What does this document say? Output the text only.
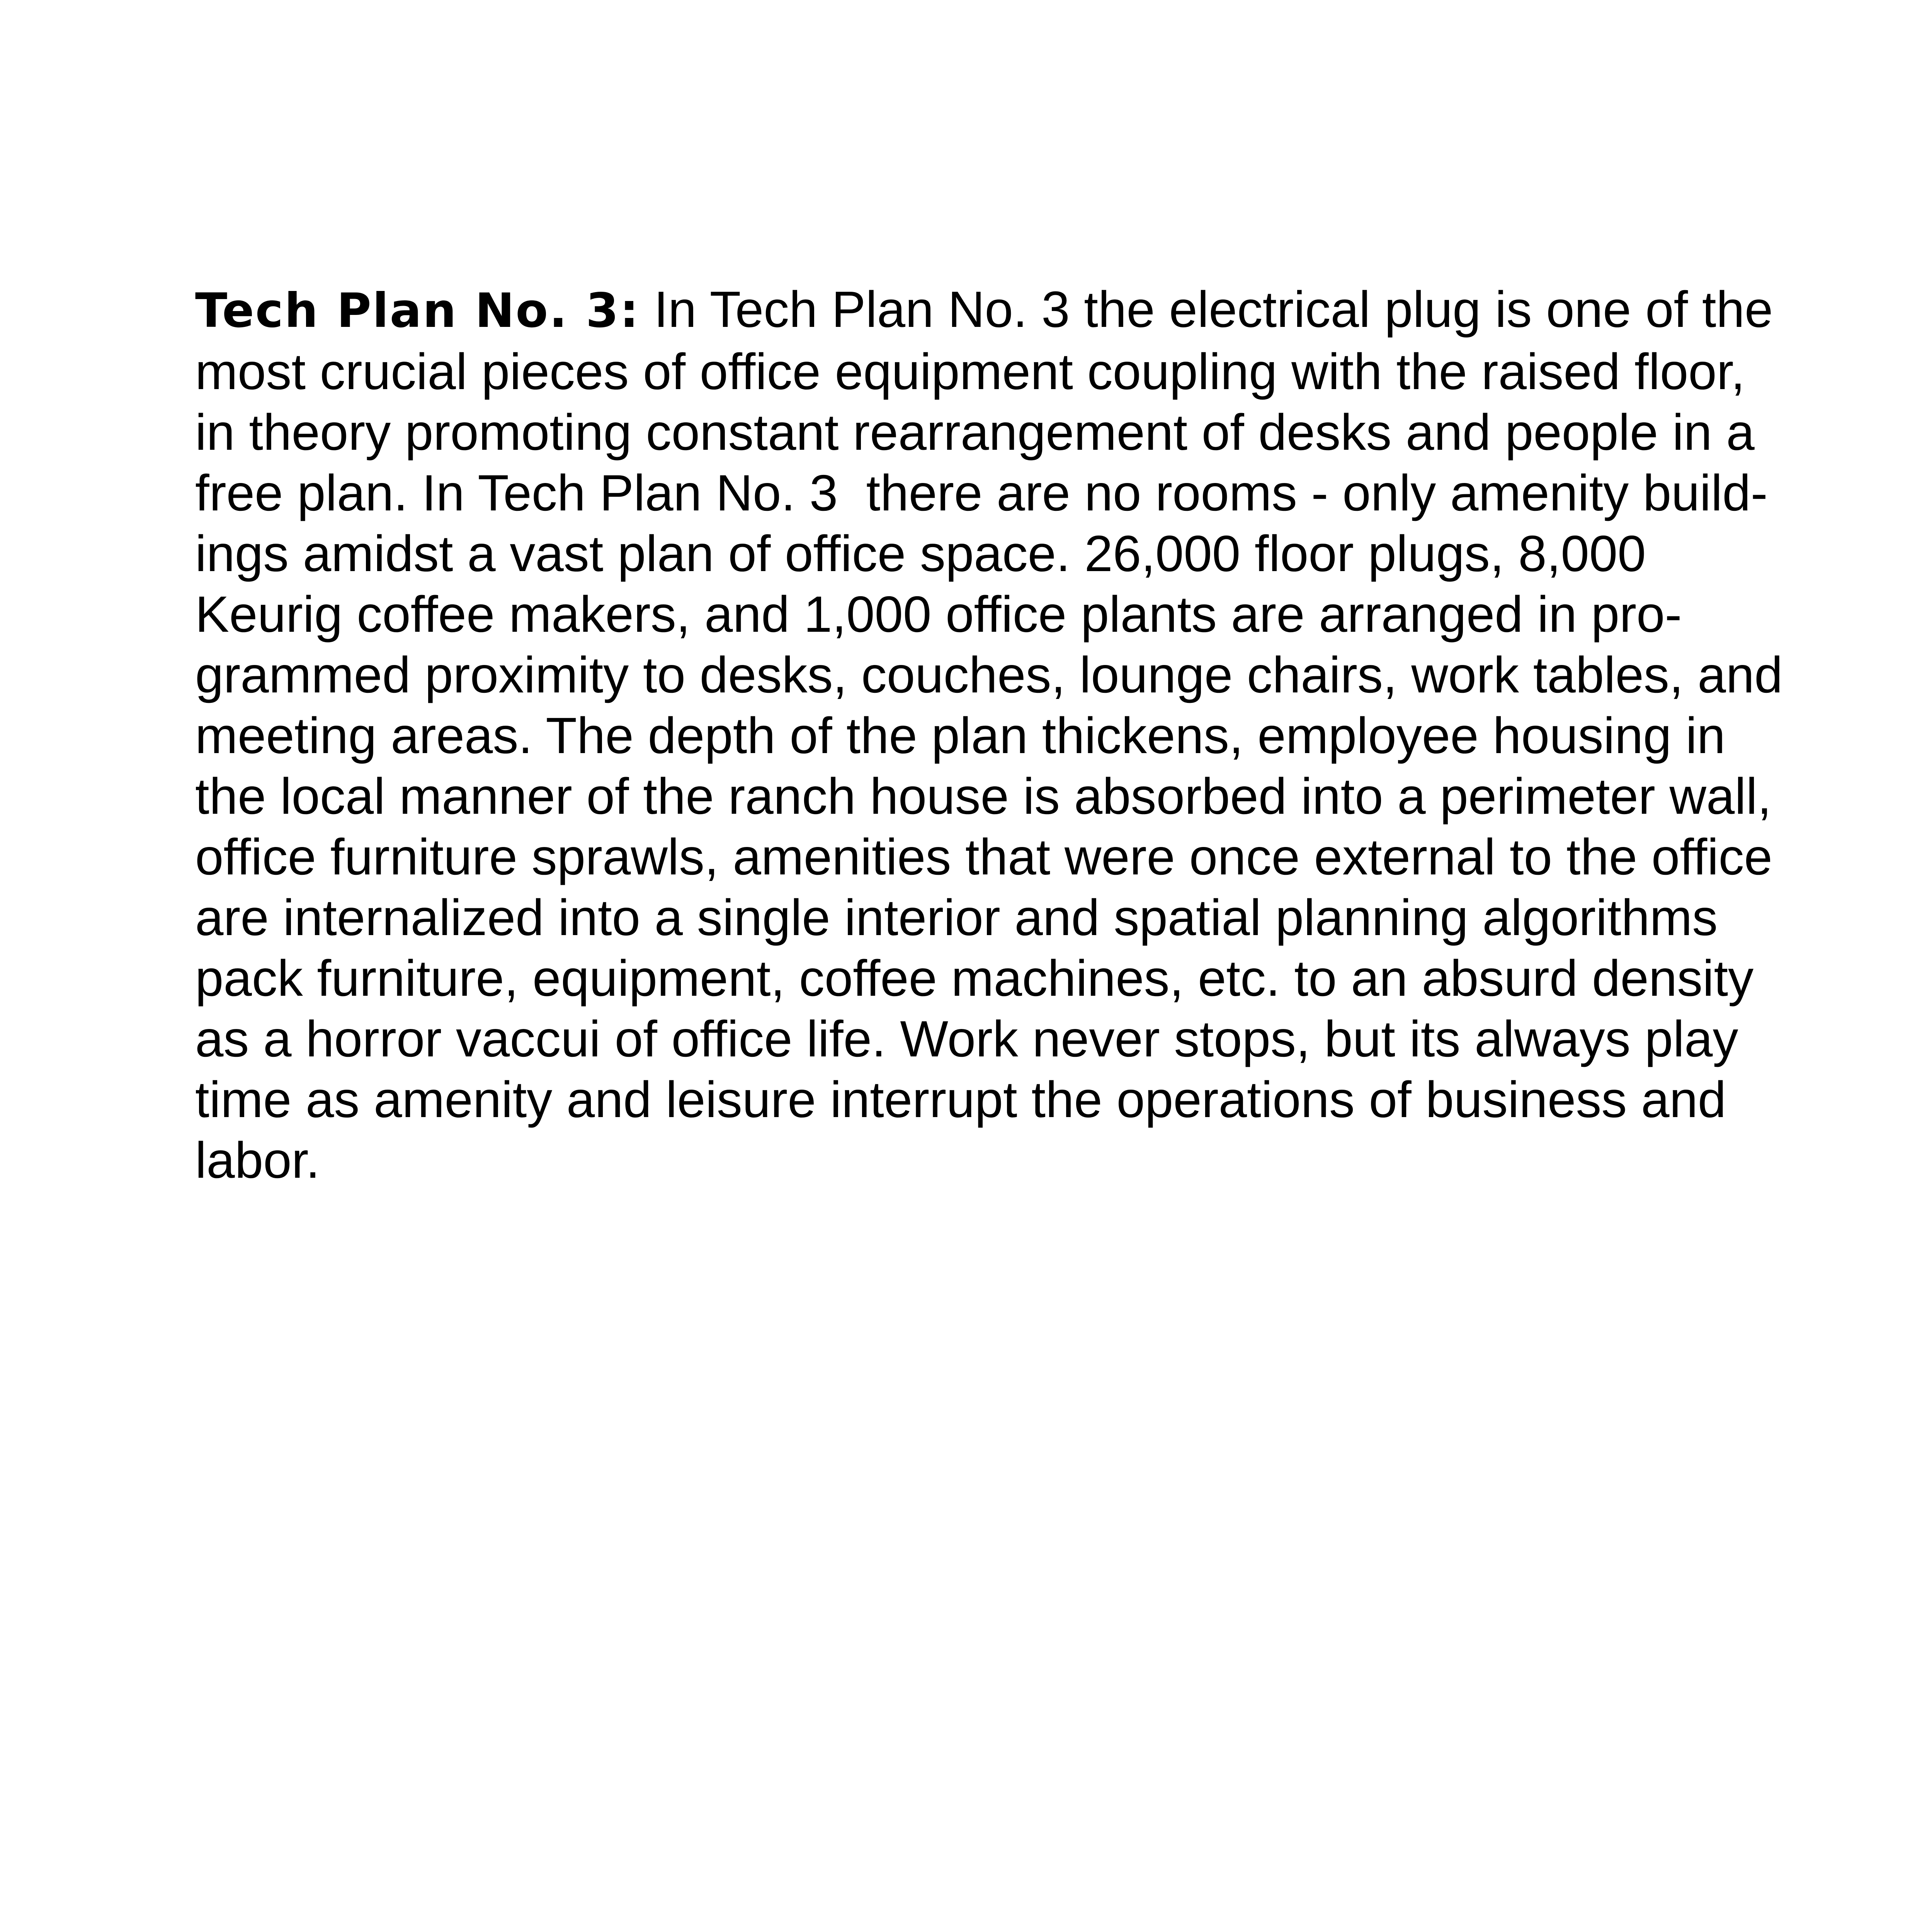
Tech Plan No. 3: In Tech Plan No. 3 the electrical plug is one of the
most crucial pieces of office equipment coupling with the raised floor,
in theory promoting constant rearrangement of desks and people in a
free plan. In Tech Plan No. 3  there are no rooms - only amenity build-
ings amidst a vast plan of office space. 26,000 floor plugs, 8,000
Keurig coffee makers, and 1,000 office plants are arranged in pro-
grammed proximity to desks, couches, lounge chairs, work tables, and
meeting areas. The depth of the plan thickens, employee housing in
the local manner of the ranch house is absorbed into a perimeter wall,
office furniture sprawls, amenities that were once external to the office
are internalized into a single interior and spatial planning algorithms
pack furniture, equipment, coffee machines, etc. to an absurd density
as a horror vaccui of office life. Work never stops, but its always play
time as amenity and leisure interrupt the operations of business and
labor.
